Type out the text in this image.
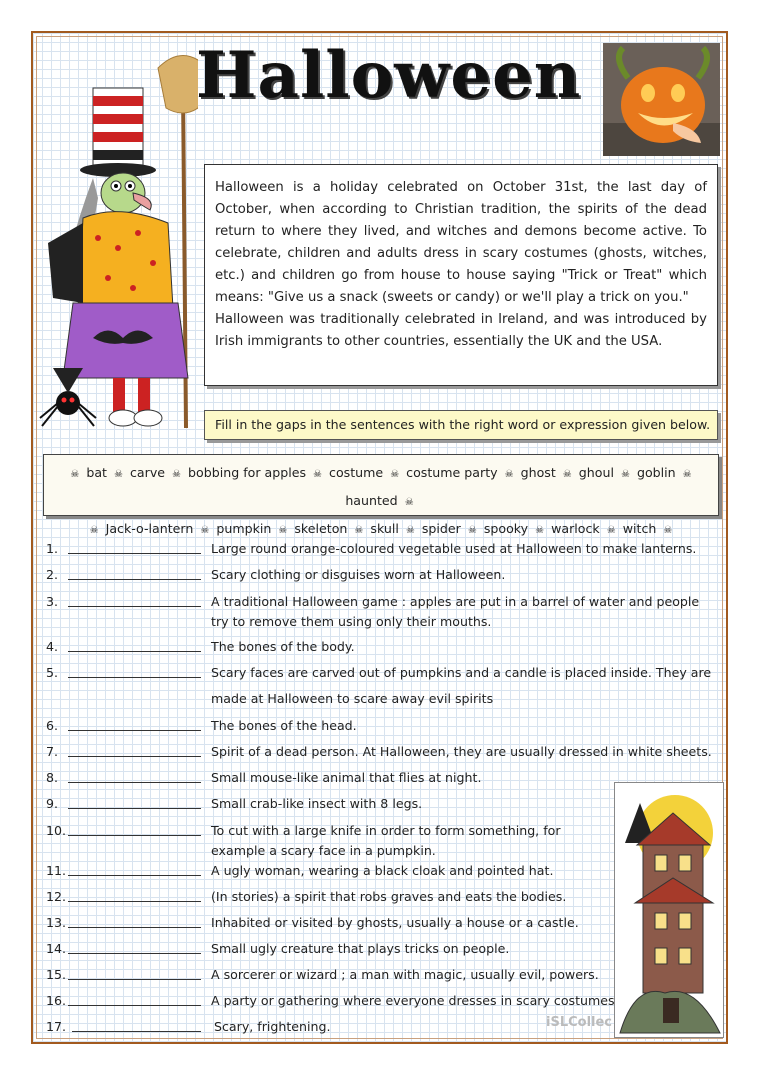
Halloween

Halloween is a holiday celebrated on October 31st, the last day of October, when according to Christian tradition, the spirits of the dead return to where they lived, and witches and demons become active. To celebrate, children and adults dress in scary costumes (ghosts, witches, etc.) and children go from house to house saying "Trick or Treat" which means: "Give us a snack (sweets or candy) or we'll play a trick on you."

Halloween was traditionally celebrated in Ireland, and was introduced by Irish immigrants to other countries, essentially the UK and the USA.

Fill in the gaps in the sentences with the right word or expression given below.
☠ bat ☠ carve ☠ bobbing for apples ☠ costume ☠ costume party ☠ ghost ☠ ghoul ☠ goblin ☠ haunted ☠
☠ Jack-o-lantern ☠ pumpkin ☠ skeleton ☠ skull ☠ spider ☠ spooky ☠ warlock ☠ witch ☠
1.	Large round orange-coloured vegetable used at Halloween to make lanterns.
2.	Scary clothing or disguises worn at Halloween.
3.	A traditional Halloween game : apples are put in a barrel of water and people
try to remove them using only their mouths.
4.	The bones of the body.
5.	Scary faces are carved out of pumpkins and a candle is placed inside. They are
made at Halloween to scare away evil spirits
6.	The bones of the head.
7.	Spirit of a dead person. At Halloween, they are usually dressed in white sheets.
8.	Small mouse-like animal that flies at night.
9.	Small crab-like insect with 8 legs.
10.	To cut with a large knife in order to form something, for
example a scary face in a pumpkin.
11.	A ugly woman, wearing a black cloak and pointed hat.
12.	(In stories) a spirit that robs graves and eats the bodies.
13.	Inhabited or visited by ghosts, usually a house or a castle.
14.	Small ugly creature that plays tricks on people.
15.	A sorcerer or wizard ; a man with magic, usually evil, powers.
16.	A party or gathering where everyone dresses in scary costumes.
17.	Scary, frightening.	iSLCollec
